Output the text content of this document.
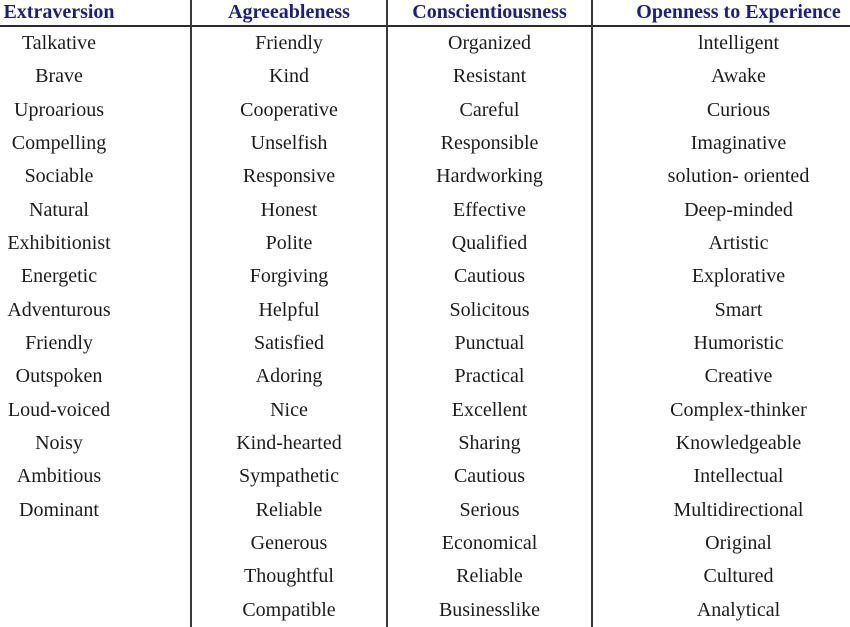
Extraversion
Talkative
Brave
Uproarious
Compelling
Sociable
Natural
Exhibitionist
Energetic
Adventurous
Friendly
Outspoken
Loud-voiced
Noisy
Ambitious
Dominant
Agreeableness
Friendly
Kind
Cooperative
Unselfish
Responsive
Honest
Polite
Forgiving
Helpful
Satisfied
Adoring
Nice
Kind-hearted
Sympathetic
Reliable
Generous
Thoughtful
Compatible
Conscientiousness
Organized
Resistant
Careful
Responsible
Hardworking
Effective
Qualified
Cautious
Solicitous
Punctual
Practical
Excellent
Sharing
Cautious
Serious
Economical
Reliable
Businesslike
Openness to Experience
lntelligent
Awake
Curious
Imaginative
solution- oriented
Deep-minded
Artistic
Explorative
Smart
Humoristic
Creative
Complex-thinker
Knowledgeable
Intellectual
Multidirectional
Original
Cultured
Analytical
